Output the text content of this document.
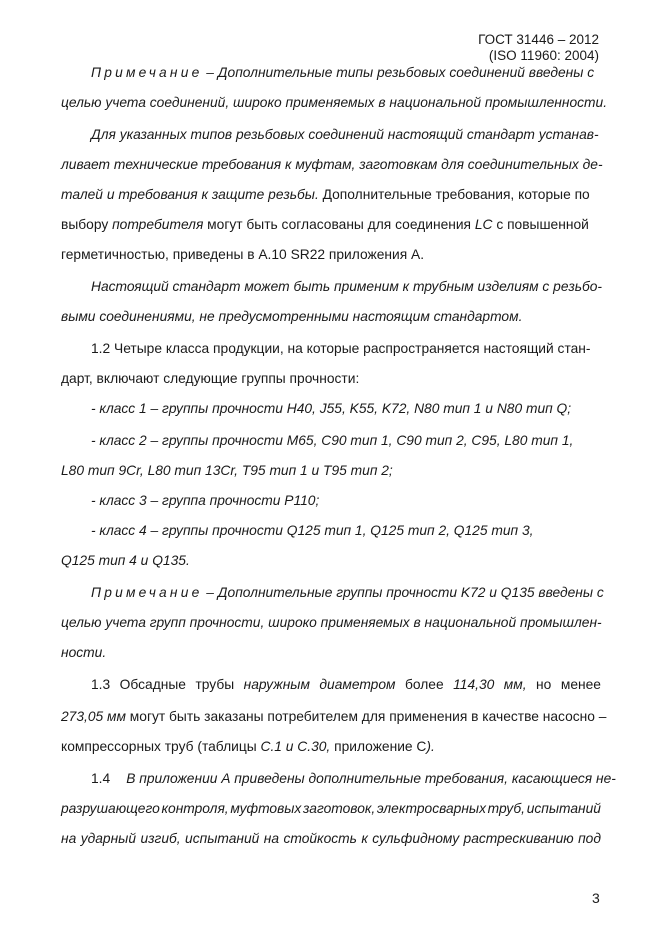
ГОСТ 31446 – 2012
(ISO 11960: 2004)
Примечание – Дополнительные типы резьбовых соединений введены с
целью учета соединений, широко применяемых в национальной промышленности.
Для указанных типов резьбовых соединений настоящий стандарт устанав-
ливает технические требования к муфтам, заготовкам для соединительных де-
талей и требования к защите резьбы. Дополнительные требования, которые по
выбору потребителя могут быть согласованы для соединения LC с повышенной
герметичностью, приведены в А.10 SR22 приложения А.
Настоящий стандарт может быть применим к трубным изделиям с резьбо-
выми соединениями, не предусмотренными настоящим стандартом.
1.2 Четыре класса продукции, на которые распространяется настоящий стан-
дарт, включают следующие группы прочности:
- класс 1 – группы прочности Н40, J55, K55, K72, N80 тип 1 и N80 тип Q;
- класс 2 – группы прочности М65, С90 тип 1, С90 тип 2, С95, L80 тип 1,
L80 тип 9Cr, L80 тип 13Cr, Т95 тип 1 и Т95 тип 2;
- класс 3 – группа прочности Р110;
- класс 4 – группы прочности Q125 тип 1, Q125 тип 2, Q125 тип 3,
Q125 тип 4 и Q135.
Примечание – Дополнительные группы прочности K72 и Q135 введены с
целью учета групп прочности, широко применяемых в национальной промышлен-
ности.
1.3 Обсадные трубы наружным диаметром более 114,30 мм, но менее
273,05 мм могут быть заказаны потребителем для применения в качестве насосно –
компрессорных труб (таблицы С.1 и С.30, приложение С).
1.4 В приложении А приведены дополнительные требования, касающиеся не-
разрушающего контроля, муфтовых заготовок, электросварных труб, испытаний
на ударный изгиб, испытаний на стойкость к сульфидному растрескиванию под
3
